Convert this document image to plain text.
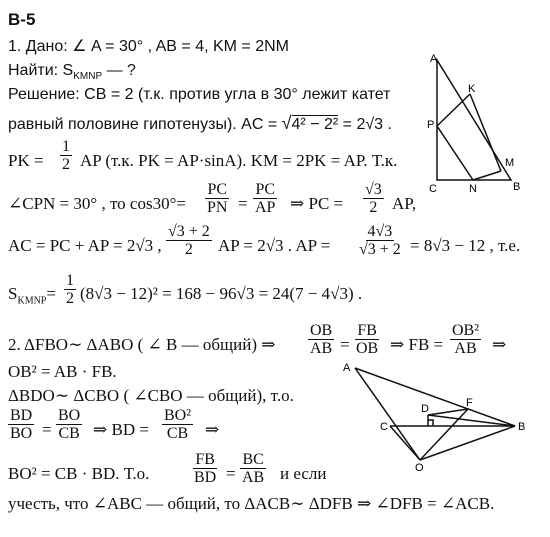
B-5
1. Дано: ∠ A = 30° , AB = 4, KM = 2NM
Найти: $S_{KMNP}$ — ?
Решение: CB = 2 (т.к. против угла в 30° лежит катет
равный половине гипотенузы). AC = √4² − 2² = 2√3 .
PK = $\frac{1}{2}$ AP (т.к. PK = AP·sinA). KM = 2PK = AP. Т.к.
∠CPN = 30° , то $\cos 30^\circ= \frac{PC}{PN} = \frac{PC}{AP}$ ⇒ PC = $\frac{√3}{2}$ AP,
AC = PC + AP = 2√3 , $\frac{√3 + 2}{2}$ AP = 2√3 . AP = $\frac{4√3}{√3 + 2} = 8√3 - 12$ , т.е.
$S_{KMNP}= \frac{1}{2} (8√3 - 12)^2 = 168 - 96√3 = 24(7 - 4√3)$ .
A
K
P
M
C	N	B
2. ΔFBO∼ ΔABO ( ∠ B — общий) ⇒ $\frac{OB}{AB} = \frac{FB}{OB}$ ⇒ FB = $\frac{\text{OB²}}{AB}$ ⇒
OB² = AB · FB.
ΔBDO∼ ΔCBO ( ∠CBO — общий), т.о.
$\frac{BD}{BO} = \frac{BO}{CB}$ ⇒ BD = $\frac{\text{BO²}}{CB}$ ⇒
BO² = CB · BD. Т.о.	$\frac{FB}{BD} = \frac{BC}{AB}$ и если
учесть, что ∠ABC — общий, то ΔACB∼ ΔDFB ⇒ ∠DFB = ∠ACB.
A
F
D
C	B
O
